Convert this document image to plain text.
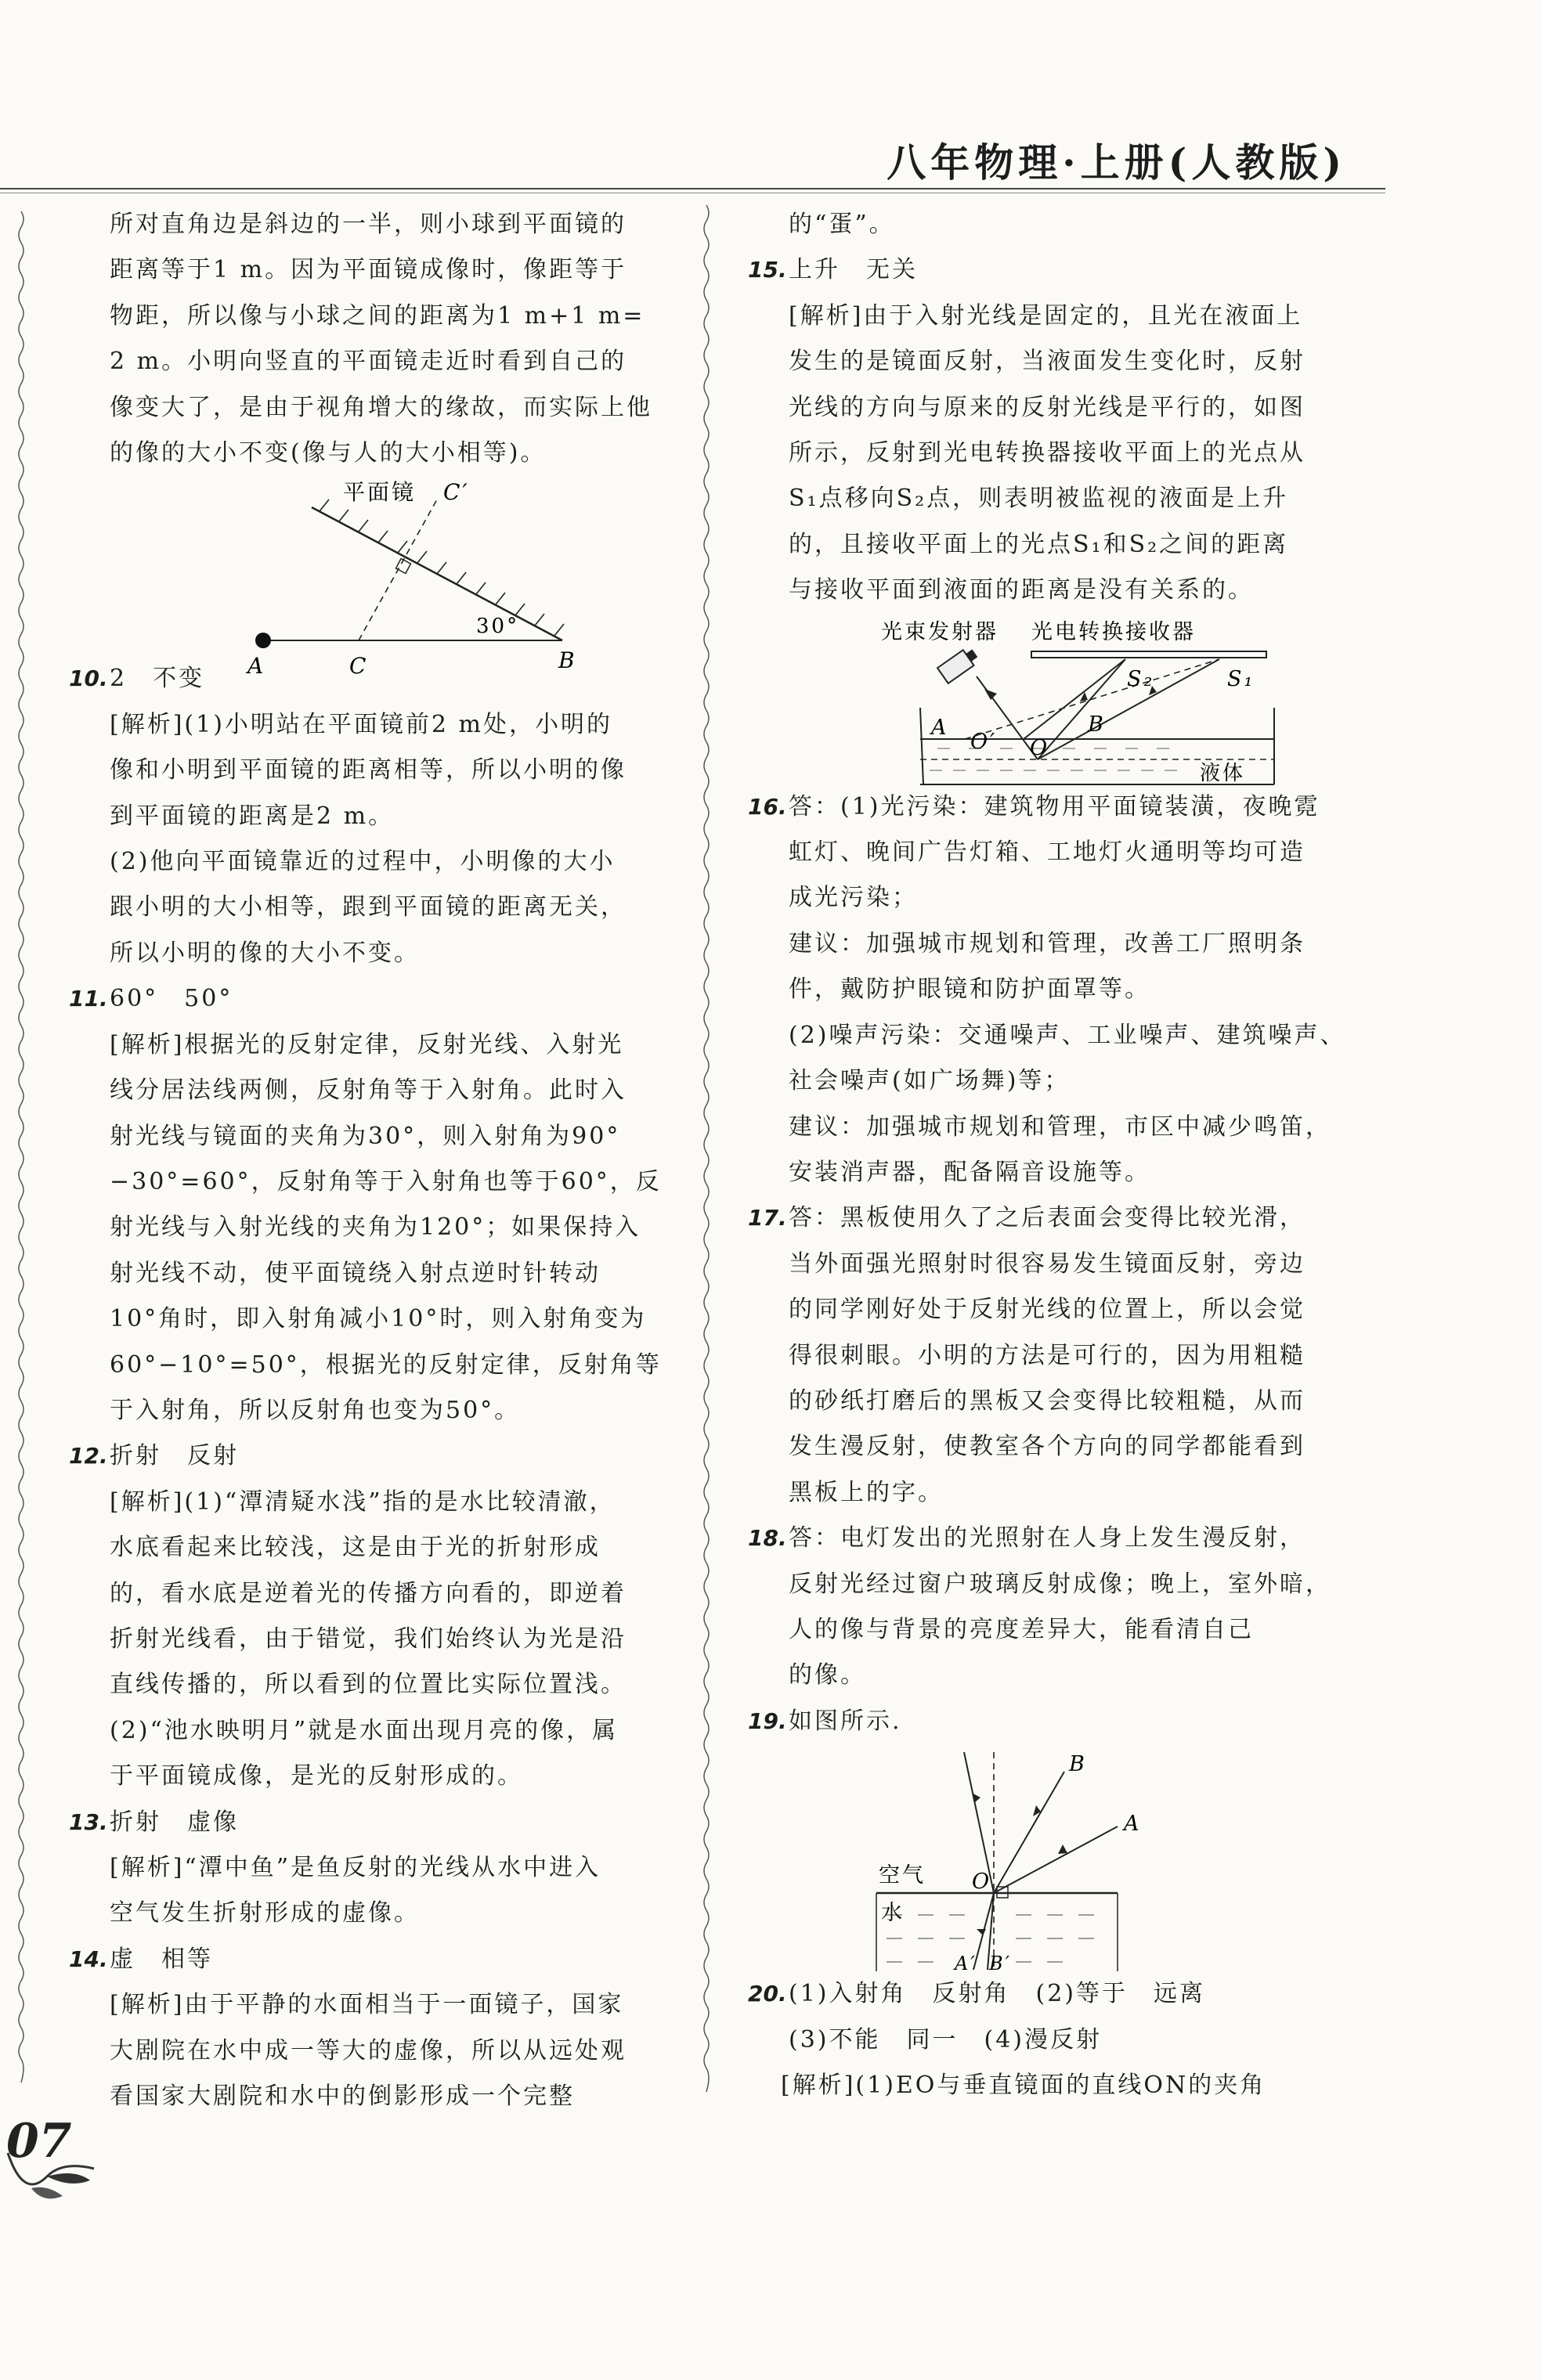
八年物理·上册(人教版)
所对直角边是斜边的一半，则小球到平面镜的
距离等于1 m。因为平面镜成像时，像距等于
物距，所以像与小球之间的距离为1 m+1 m=
2 m。小明向竖直的平面镜走近时看到自己的
像变大了，是由于视角增大的缘故，而实际上他
的像的大小不变(像与人的大小相等)。
平面镜 C′
A	C	B
30°
10. 2　不变
[解析](1)小明站在平面镜前2 m处，小明的
像和小明到平面镜的距离相等，所以小明的像
到平面镜的距离是2 m。
(2)他向平面镜靠近的过程中，小明像的大小
跟小明的大小相等，跟到平面镜的距离无关，
所以小明的像的大小不变。
11. 60°　50°
[解析]根据光的反射定律，反射光线、入射光
线分居法线两侧，反射角等于入射角。此时入
射光线与镜面的夹角为30°，则入射角为90°
−30°=60°，反射角等于入射角也等于60°，反
射光线与入射光线的夹角为120°；如果保持入
射光线不动，使平面镜绕入射点逆时针转动
10°角时，即入射角减小10°时，则入射角变为
60°−10°=50°，根据光的反射定律，反射角等
于入射角，所以反射角也变为50°。
12. 折射　反射
[解析](1)“潭清疑水浅”指的是水比较清澈，
水底看起来比较浅，这是由于光的折射形成
的，看水底是逆着光的传播方向看的，即逆着
折射光线看，由于错觉，我们始终认为光是沿
直线传播的，所以看到的位置比实际位置浅。
(2)“池水映明月”就是水面出现月亮的像，属
于平面镜成像，是光的反射形成的。
13. 折射　虚像
[解析]“潭中鱼”是鱼反射的光线从水中进入
空气发生折射形成的虚像。
14. 虚　相等
[解析]由于平静的水面相当于一面镜子，国家
大剧院在水中成一等大的虚像，所以从远处观
看国家大剧院和水中的倒影形成一个完整
的“蛋”。
15. 上升　无关
[解析]由于入射光线是固定的，且光在液面上
发生的是镜面反射，当液面发生变化时，反射
光线的方向与原来的反射光线是平行的，如图
所示，反射到光电转换器接收平面上的光点从
S₁点移向S₂点，则表明被监视的液面是上升
的，且接收平面上的光点S₁和S₂之间的距离
与接收平面到液面的距离是没有关系的。
光束发射器 光电转换接收器
液体
S₂	S₁
A
O′
B
O
16. 答：(1)光污染：建筑物用平面镜装潢，夜晚霓
虹灯、晚间广告灯箱、工地灯火通明等均可造
成光污染；
建议：加强城市规划和管理，改善工厂照明条
件，戴防护眼镜和防护面罩等。
(2)噪声污染：交通噪声、工业噪声、建筑噪声、
社会噪声(如广场舞)等；
建议：加强城市规划和管理，市区中减少鸣笛，
安装消声器，配备隔音设施等。
17. 答：黑板使用久了之后表面会变得比较光滑，
当外面强光照射时很容易发生镜面反射，旁边
的同学刚好处于反射光线的位置上，所以会觉
得很刺眼。小明的方法是可行的，因为用粗糙
的砂纸打磨后的黑板又会变得比较粗糙，从而
发生漫反射，使教室各个方向的同学都能看到
黑板上的字。
18. 答：电灯发出的光照射在人身上发生漫反射，
反射光经过窗户玻璃反射成像；晚上，室外暗，
人的像与背景的亮度差异大，能看清自己
的像。
19. 如图所示.
B
A
空气
水
O
A′ B′
20. (1)入射角　反射角　(2)等于　远离
(3)不能　同一　(4)漫反射
[解析](1)EO与垂直镜面的直线ON的夹角
07
